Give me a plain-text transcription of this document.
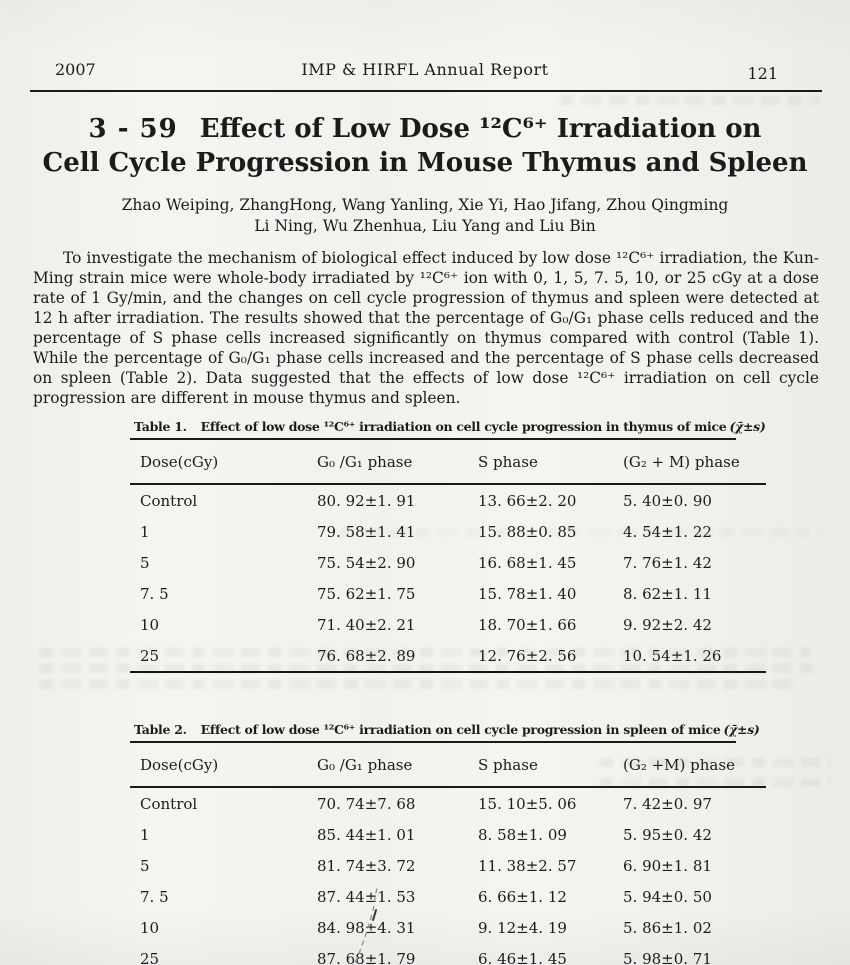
2007	IMP & HIRFL Annual Report	121
3 - 59 Effect of Low Dose ¹²C⁶⁺ Irradiation on
Cell Cycle Progression in Mouse Thymus and Spleen
Zhao Weiping, ZhangHong, Wang Yanling, Xie Yi, Hao Jifang, Zhou Qingming
Li Ning, Wu Zhenhua, Liu Yang and Liu Bin

To investigate the mechanism of biological effect induced by low dose ¹²C⁶⁺ irradiation, the Kun-Ming strain mice were whole-body irradiated by ¹²C⁶⁺ ion with 0, 1, 5, 7. 5, 10, or 25 cGy at a dose rate of 1 Gy/min, and the changes on cell cycle progression of thymus and spleen were detected at 12 h after irradiation. The results showed that the percentage of G₀/G₁ phase cells reduced and the percentage of S phase cells increased significantly on thymus compared with control (Table 1). While the percentage of G₀/G₁ phase cells increased and the percentage of S phase cells decreased on spleen (Table 2). Data suggested that the effects of low dose ¹²C⁶⁺ irradiation on cell cycle progression are different in mouse thymus and spleen.

Table 1. Effect of low dose ¹²C⁶⁺ irradiation on cell cycle progression in thymus of mice (χ̄±s)
Dose(cGy)	G₀ /G₁ phase	S phase	(G₂ + M) phase
Control	80. 92±1. 91	13. 66±2. 20	5. 40±0. 90
1	79. 58±1. 41	15. 88±0. 85	4. 54±1. 22
5	75. 54±2. 90	16. 68±1. 45	7. 76±1. 42
7. 5	75. 62±1. 75	15. 78±1. 40	8. 62±1. 11
10	71. 40±2. 21	18. 70±1. 66	9. 92±2. 42
25	76. 68±2. 89	12. 76±2. 56	10. 54±1. 26
Table 2. Effect of low dose ¹²C⁶⁺ irradiation on cell cycle progression in spleen of mice (χ̄±s)
Dose(cGy)	G₀ /G₁ phase	S phase	(G₂ +M) phase
Control	70. 74±7. 68	15. 10±5. 06	7. 42±0. 97
1	85. 44±1. 01	8. 58±1. 09	5. 95±0. 42
5	81. 74±3. 72	11. 38±2. 57	6. 90±1. 81
7. 5	87. 44±1. 53	6. 66±1. 12	5. 94±0. 50
10	84. 98±4. 31	9. 12±4. 19	5. 86±1. 02
25	87. 68±1. 79	6. 46±1. 45	5. 98±0. 71
